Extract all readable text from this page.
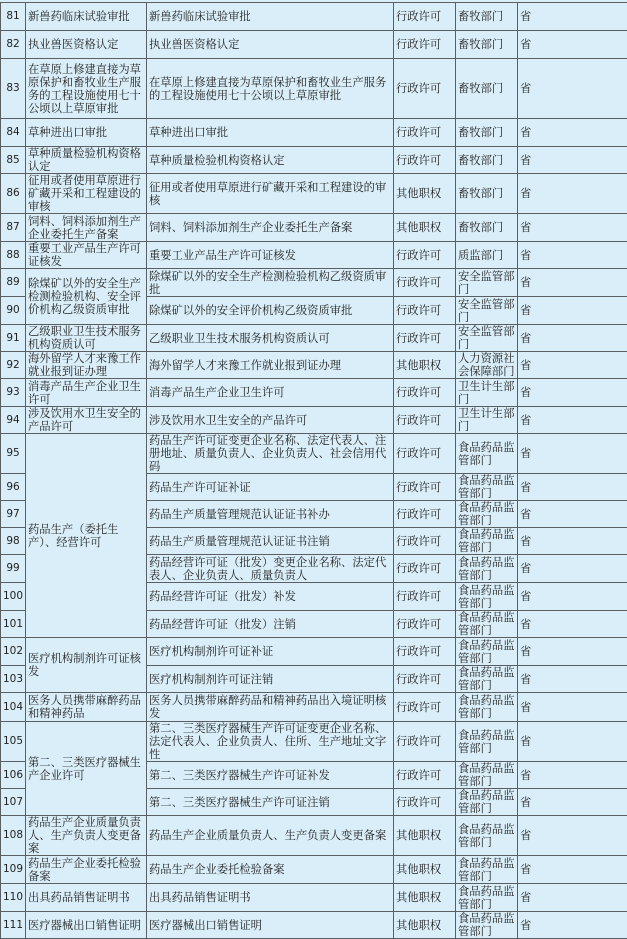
81	新兽药临床试验审批	新兽药临床试验审批	行政许可	畜牧部门	省
82	执业兽医资格认定	执业兽医资格认定	行政许可	畜牧部门	省
83	在草原上修建直接为草原保护和畜牧业生产服务的工程设施使用七十公顷以上草原审批	在草原上修建直接为草原保护和畜牧业生产服务的工程设施使用七十公顷以上草原审批	行政许可	畜牧部门	省
84	草种进出口审批	草种进出口审批	行政许可	畜牧部门	省
85	草种质量检验机构资格认定	草种质量检验机构资格认定	行政许可	畜牧部门	省
86	征用或者使用草原进行矿藏开采和工程建设的审核	征用或者使用草原进行矿藏开采和工程建设的审核	其他职权	畜牧部门	省
87	饲料、饲料添加剂生产企业委托生产备案	饲料、饲料添加剂生产企业委托生产备案	其他职权	畜牧部门	省
88	重要工业产品生产许可证核发	重要工业产品生产许可证核发	行政许可	质监部门	省
89	除煤矿以外的安全生产检测检验机构、安全评价机构乙级资质审批	除煤矿以外的安全生产检测检验机构乙级资质审批	行政许可	安全监管部门	省
90		除煤矿以外的安全评价机构乙级资质审批	行政许可	安全监管部门	省
91	乙级职业卫生技术服务机构资质认可	乙级职业卫生技术服务机构资质认可	行政许可	安全监管部门	省
92	海外留学人才来豫工作就业报到证办理	海外留学人才来豫工作就业报到证办理	其他职权	人力资源社会保障部门	省
93	消毒产品生产企业卫生许可	消毒产品生产企业卫生许可	行政许可	卫生计生部门	省
94	涉及饮用水卫生安全的产品许可	涉及饮用水卫生安全的产品许可	行政许可	卫生计生部门	省
95	药品生产（委托生产）、经营许可	药品生产许可证变更企业名称、法定代表人、注册地址、质量负责人、企业负责人、社会信用代码	行政许可	食品药品监管部门	省
96		药品生产许可证补证	行政许可	食品药品监管部门	省
97		药品生产质量管理规范认证证书补办	行政许可	食品药品监管部门	省
98		药品生产质量管理规范认证证书注销	行政许可	食品药品监管部门	省
99		药品经营许可证（批发）变更企业名称、法定代表人、企业负责人、质量负责人	行政许可	食品药品监管部门	省
100		药品经营许可证（批发）补发	行政许可	食品药品监管部门	省
101		药品经营许可证（批发）注销	行政许可	食品药品监管部门	省
102	医疗机构制剂许可证核发	医疗机构制剂许可证补证	行政许可	食品药品监管部门	省
103		医疗机构制剂许可证注销	行政许可	食品药品监管部门	省
104	医务人员携带麻醉药品和精神药品	医务人员携带麻醉药品和精神药品出入境证明核发	行政许可	食品药品监管部门	省
105	第二、三类医疗器械生产企业许可	第二、三类医疗器械生产许可证变更企业名称、法定代表人、企业负责人、住所、生产地址文字性	行政许可	食品药品监管部门	省
106		第二、三类医疗器械生产许可证补发	行政许可	食品药品监管部门	省
107		第二、三类医疗器械生产许可证注销	行政许可	食品药品监管部门	省
108	药品生产企业质量负责人、生产负责人变更备案	药品生产企业质量负责人、生产负责人变更备案	其他职权	食品药品监管部门	省
109	药品生产企业委托检验备案	药品生产企业委托检验备案	其他职权	食品药品监管部门	省
110	出具药品销售证明书	出具药品销售证明书	其他职权	食品药品监管部门	省
111	医疗器械出口销售证明	医疗器械出口销售证明	其他职权	食品药品监管部门	省
